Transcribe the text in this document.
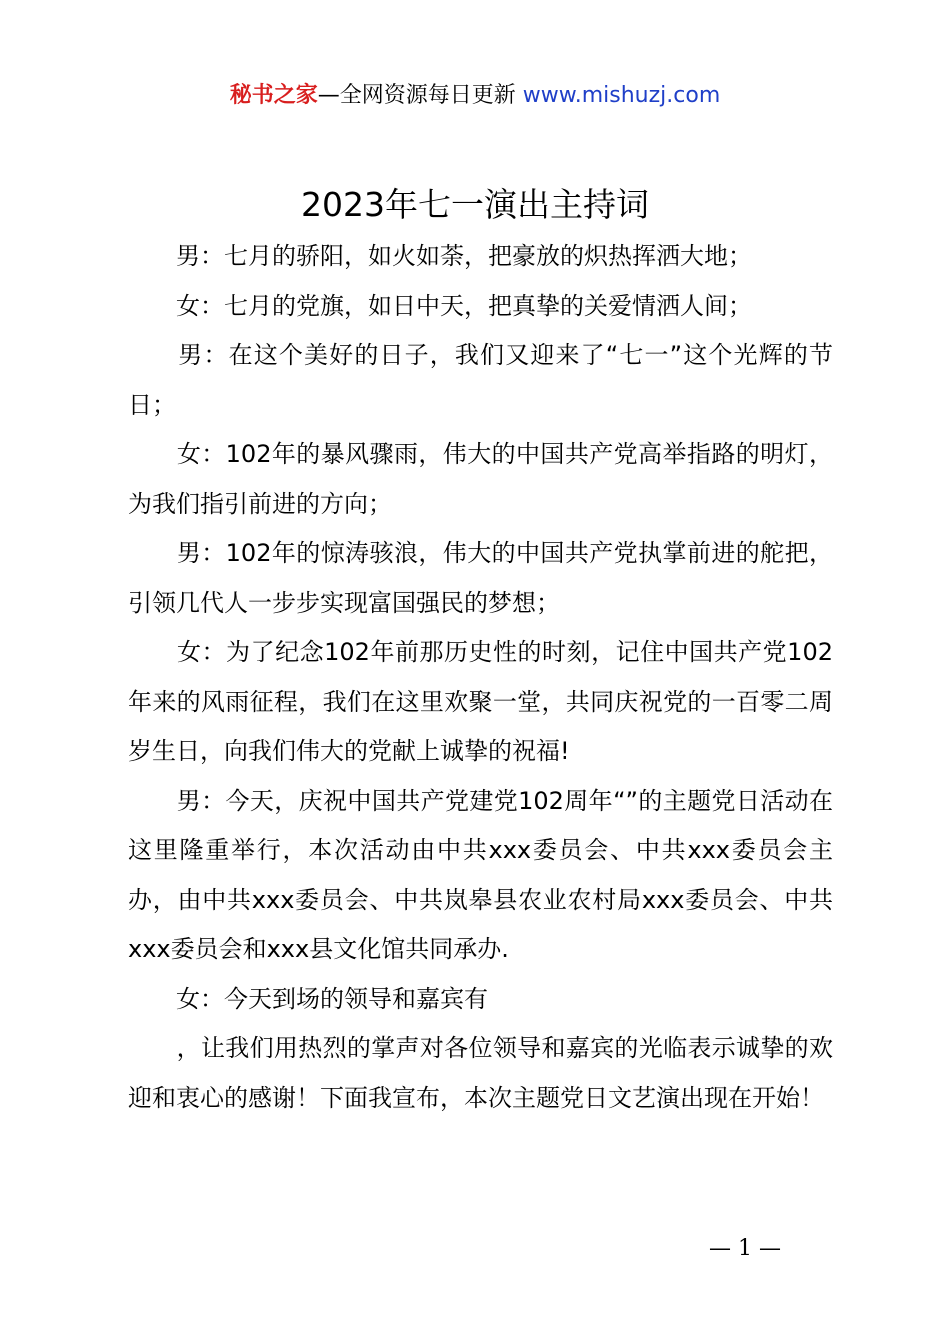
秘书之家—全网资源每日更新 www.mishuzj.com
2023年七一演出主持词

　　男：七月的骄阳，如火如荼，把豪放的炽热挥洒大地；

　　女：七月的党旗，如日中天，把真挚的关爱情洒人间；

　　男：在这个美好的日子，我们又迎来了“七一”这个光辉的节日；

　　女：102年的暴风骤雨，伟大的中国共产党高举指路的明灯，为我们指引前进的方向；

　　男：102年的惊涛骇浪，伟大的中国共产党执掌前进的舵把，引领几代人一步步实现富国强民的梦想；

　　女：为了纪念102年前那历史性的时刻，记住中国共产党102年来的风雨征程，我们在这里欢聚一堂，共同庆祝党的一百零二周岁生日，向我们伟大的党献上诚挚的祝福!

　　男：今天，庆祝中国共产党建党102周年“”的主题党日活动在这里隆重举行，本次活动由中共xxx委员会、中共xxx委员会主办，由中共xxx委员会、中共岚皋县农业农村局xxx委员会、中共xxx委员会和xxx县文化馆共同承办.

　　女：今天到场的领导和嘉宾有

　　，让我们用热烈的掌声对各位领导和嘉宾的光临表示诚挚的欢迎和衷心的感谢！下面我宣布，本次主题党日文艺演出现在开始！

— 1 —
